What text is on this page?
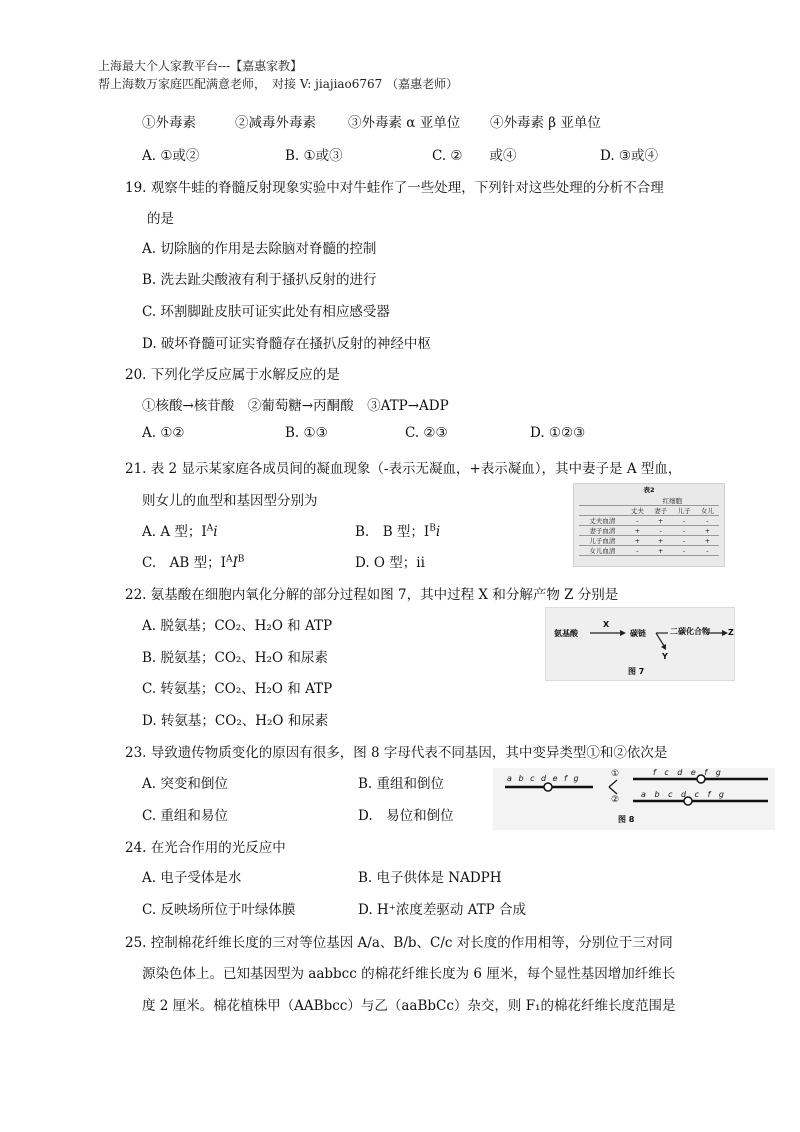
上海最大个人家教平台---【嘉惠家教】
帮上海数万家庭匹配满意老师，　对接 V: jiajiao6767 （嘉惠老师）
①外毒素	②减毒外毒素 ③外毒素 α 亚单位 ④外毒素 β 亚单位
A. ①或②	B. ①或③	C. ②　　或④	D. ③或④
19. 观察牛蛙的脊髓反射现象实验中对牛蛙作了一些处理，下列针对这些处理的分析不合理
的是
A. 切除脑的作用是去除脑对脊髓的控制
B. 洗去趾尖酸液有利于搔扒反射的进行
C. 环割脚趾皮肤可证实此处有相应感受器
D. 破坏脊髓可证实脊髓存在搔扒反射的神经中枢
20. 下列化学反应属于水解反应的是
①核酸→核苷酸　②葡萄糖→丙酮酸　③ATP→ADP
A. ①②	B. ①③	C. ②③	D. ①②③
21. 表 2 显示某家庭各成员间的凝血现象（-表示无凝血，+表示凝血），其中妻子是 A 型血，
则女儿的血型和基因型分别为
A. A 型；$I^Ai$	B.　B 型；$I^Bi$
C.　AB 型；$I^AI^B$	D. O 型；ii
表2
	红细胞			
	丈夫	妻子	儿子	女儿
丈夫血清	-	+	-	-
妻子血清	+	-	-	+
儿子血清	+	+	-	+
女儿血清	-	+	-	-
22. 氨基酸在细胞内氧化分解的部分过程如图 7，其中过程 X 和分解产物 Z 分别是
A. 脱氨基；CO₂、H₂O 和 ATP
B. 脱氨基；CO₂、H₂O 和尿素
C. 转氨基；CO₂、H₂O 和 ATP
D. 转氨基；CO₂、H₂O 和尿素
氨基酸
X
碳链	二碳化合物 Z
Y
图 7
23. 导致遗传物质变化的原因有很多，图 8 字母代表不同基因，其中变异类型①和②依次是
A. 突变和倒位	B. 重组和倒位
C. 重组和易位	D.　易位和倒位
a b c d e f g	①
②
f c d e f g
a b c d c f g
图 8
24. 在光合作用的光反应中
A. 电子受体是水	B. 电子供体是 NADPH
C. 反映场所位于叶绿体膜	D. H⁺浓度差驱动 ATP 合成
25. 控制棉花纤维长度的三对等位基因 A/a、B/b、C/c 对长度的作用相等，分别位于三对同
源染色体上。已知基因型为 aabbcc 的棉花纤维长度为 6 厘米，每个显性基因增加纤维长
度 2 厘米。棉花植株甲（AABbcc）与乙（aaBbCc）杂交，则 F₁的棉花纤维长度范围是
